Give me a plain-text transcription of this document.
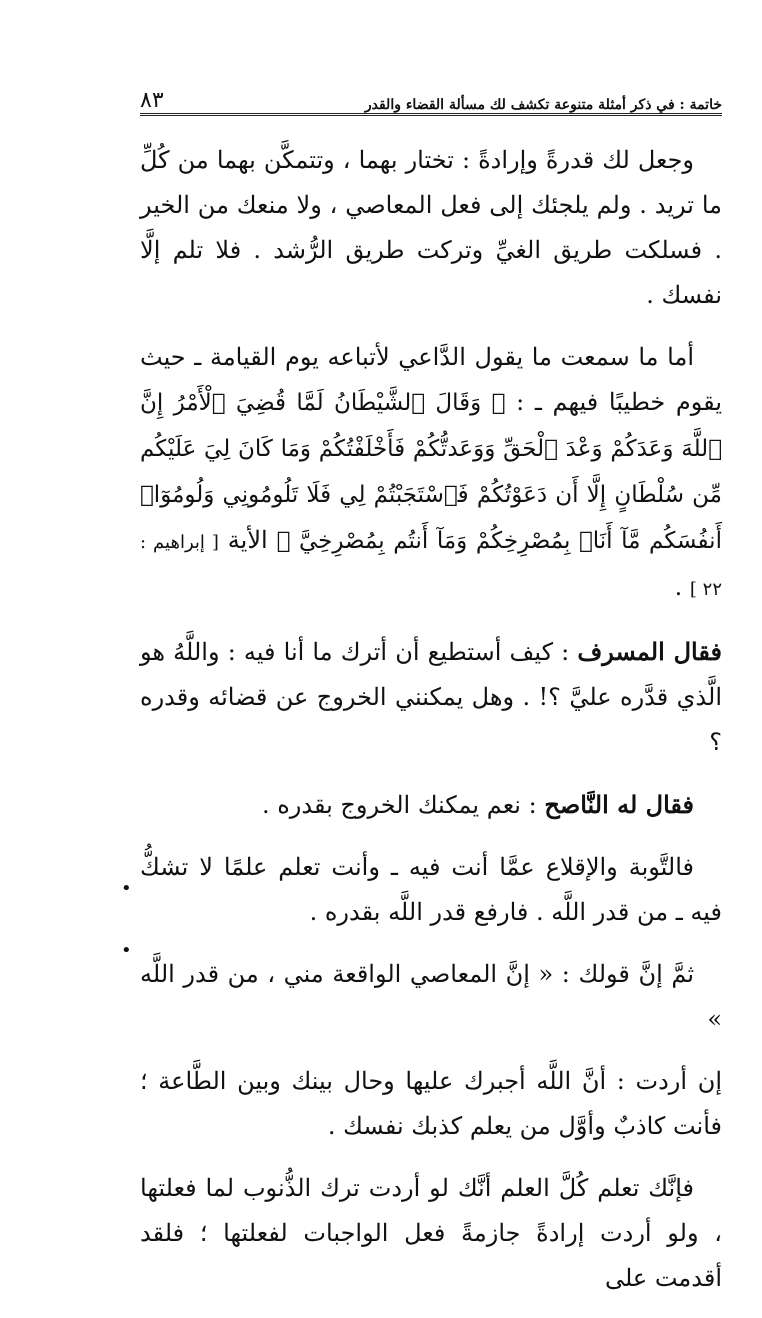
خاتمة : في ذكر أمثلة متنوعة تكشف لك مسألة القضاء والقدر
٨٣

وجعل لك قدرةً وإرادةً : تختار بهما ، وتتمكَّن بهما من كُلِّ ما تريد . ولم يلجئك إلى فعل المعاصي ، ولا منعك من الخير . فسلكت طريق الغيِّ وتركت طريق الرُّشد . فلا تلم إلَّا نفسك .

أما ما سمعت ما يقول الدَّاعي لأتباعه يوم القيامة ـ حيث يقوم خطيبًا فيهم ـ : ﴿ وَقَالَ ٱلشَّيْطَانُ لَمَّا قُضِيَ ٱلْأَمْرُ إِنَّ ٱللَّهَ وَعَدَكُمْ وَعْدَ ٱلْحَقِّ وَوَعَدتُّكُمْ فَأَخْلَفْتُكُمْ وَمَا كَانَ لِيَ عَلَيْكُم مِّن سُلْطَانٍ إِلَّا أَن دَعَوْتُكُمْ فَٱسْتَجَبْتُمْ لِي فَلَا تَلُومُونِي وَلُومُوٓا۟ أَنفُسَكُم مَّآ أَنَا۠ بِمُصْرِخِكُمْ وَمَآ أَنتُم بِمُصْرِخِيَّ ﴾ الأية [ إبراهيم : ٢٢ ] .

فقال المسرف : كيف أستطيع أن أترك ما أنا فيه : واللَّهُ هو الَّذي قدَّره عليَّ ؟! . وهل يمكنني الخروج عن قضائه وقدره ؟

فقال له النَّاصح : نعم يمكنك الخروج بقدره .

فالتَّوبة والإقلاع عمَّا أنت فيه ـ وأنت تعلم علمًا لا تشكُّ فيه ـ من قدر اللَّه . فارفع قدر اللَّه بقدره .

ثمَّ إنَّ قولك : « إنَّ المعاصي الواقعة مني ، من قدر اللَّه »

إن أردت : أنَّ اللَّه أجبرك عليها وحال بينك وبين الطَّاعة ؛ فأنت كاذبٌ وأوَّل من يعلم كذبك نفسك .

فإنَّك تعلم كُلَّ العلم أنَّك لو أردت ترك الذُّنوب لما فعلتها ، ولو أردت إرادةً جازمةً فعل الواجبات لفعلتها ؛ فلقد أقدمت على

•
•
